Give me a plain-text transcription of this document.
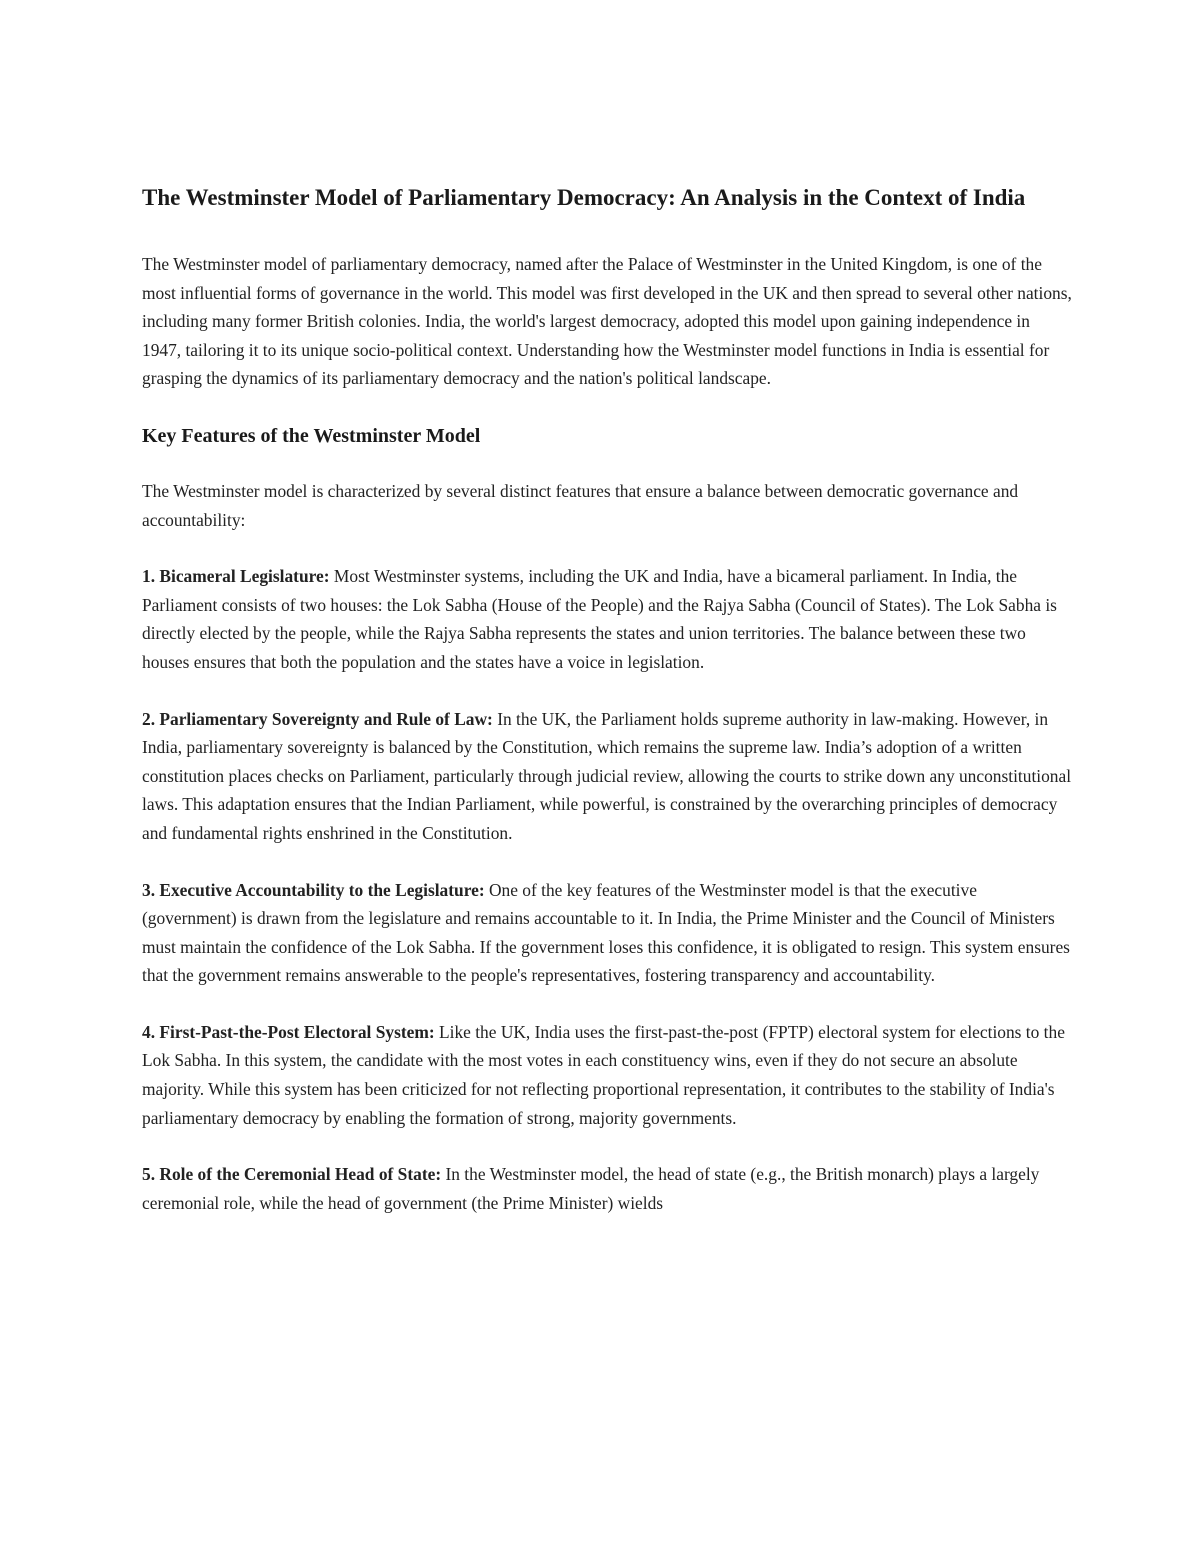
The Westminster Model of Parliamentary Democracy: An Analysis in the Context of India

The Westminster model of parliamentary democracy, named after the Palace of Westminster in the United Kingdom, is one of the most influential forms of governance in the world. This model was first developed in the UK and then spread to several other nations, including many former British colonies. India, the world's largest democracy, adopted this model upon gaining independence in 1947, tailoring it to its unique socio-political context. Understanding how the Westminster model functions in India is essential for grasping the dynamics of its parliamentary democracy and the nation's political landscape.

Key Features of the Westminster Model

The Westminster model is characterized by several distinct features that ensure a balance between democratic governance and accountability:

1. Bicameral Legislature: Most Westminster systems, including the UK and India, have a bicameral parliament. In India, the Parliament consists of two houses: the Lok Sabha (House of the People) and the Rajya Sabha (Council of States). The Lok Sabha is directly elected by the people, while the Rajya Sabha represents the states and union territories. The balance between these two houses ensures that both the population and the states have a voice in legislation.
2. Parliamentary Sovereignty and Rule of Law: In the UK, the Parliament holds supreme authority in law-making. However, in India, parliamentary sovereignty is balanced by the Constitution, which remains the supreme law. India’s adoption of a written constitution places checks on Parliament, particularly through judicial review, allowing the courts to strike down any unconstitutional laws. This adaptation ensures that the Indian Parliament, while powerful, is constrained by the overarching principles of democracy and fundamental rights enshrined in the Constitution.
3. Executive Accountability to the Legislature: One of the key features of the Westminster model is that the executive (government) is drawn from the legislature and remains accountable to it. In India, the Prime Minister and the Council of Ministers must maintain the confidence of the Lok Sabha. If the government loses this confidence, it is obligated to resign. This system ensures that the government remains answerable to the people's representatives, fostering transparency and accountability.
4. First-Past-the-Post Electoral System: Like the UK, India uses the first-past-the-post (FPTP) electoral system for elections to the Lok Sabha. In this system, the candidate with the most votes in each constituency wins, even if they do not secure an absolute majority. While this system has been criticized for not reflecting proportional representation, it contributes to the stability of India's parliamentary democracy by enabling the formation of strong, majority governments.
5. Role of the Ceremonial Head of State: In the Westminster model, the head of state (e.g., the British monarch) plays a largely ceremonial role, while the head of government (the Prime Minister) wields
